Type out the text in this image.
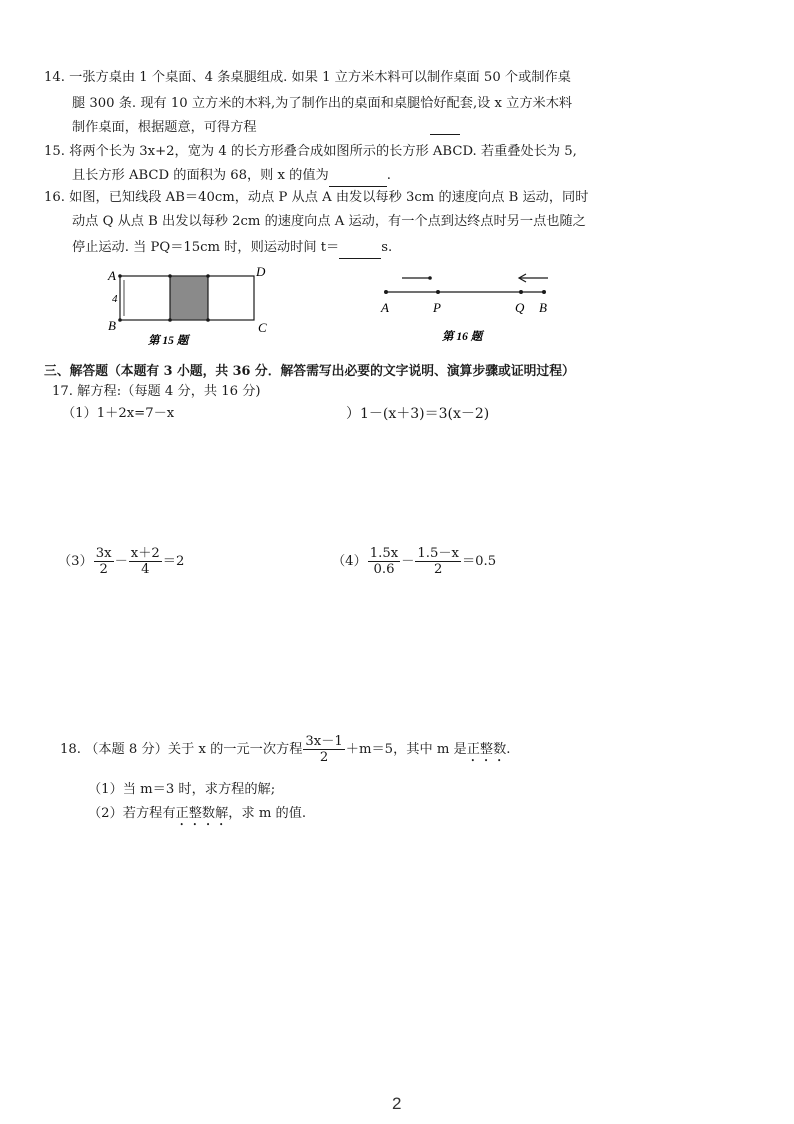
14. 一张方桌由 1 个桌面、4 条桌腿组成. 如果 1 立方米木料可以制作桌面 50 个或制作桌
腿 300 条. 现有 10 立方米的木料,为了制作出的桌面和桌腿恰好配套,设 x 立方米木料
制作桌面，根据题意，可得方程
15. 将两个长为 3x+2，宽为 4 的长方形叠合成如图所示的长方形 ABCD. 若重叠处长为 5,
且长方形 ABCD 的面积为 68，则 x 的值为	.
16. 如图，已知线段 AB＝40cm，动点 P 从点 A 由发以每秒 3cm 的速度向点 B 运动，同时
动点 Q 从点 B 出发以每秒 2cm 的速度向点 A 运动，有一个点到达终点时另一点也随之
停止运动. 当 PQ＝15cm 时，则运动时间 t＝	s.
A
B	C
D
4
第 15 题
A	P	Q B
第 16 题
三、解答题（本题有 3 小题，共 36 分．解答需写出必要的文字说明、演算步骤或证明过程）
17. 解方程:（每题 4 分，共 16 分)
（1）1＋2x=7－x	）1－(x＋3)＝3(x－2)
$(3) \frac{3x}{2} - \frac{x+2}{4} =2$	$(4) \frac{1.5x}{0.6} - \frac{1.5-x}{2} =0.5$
18. （本题 8 分）关于 x 的一元一次方程 $\frac{3x-1}{2} +m=5$，其中 m 是正整数.
（1）当 m＝3 时，求方程的解;
（2）若方程有正整数解，求 m 的值.
2
